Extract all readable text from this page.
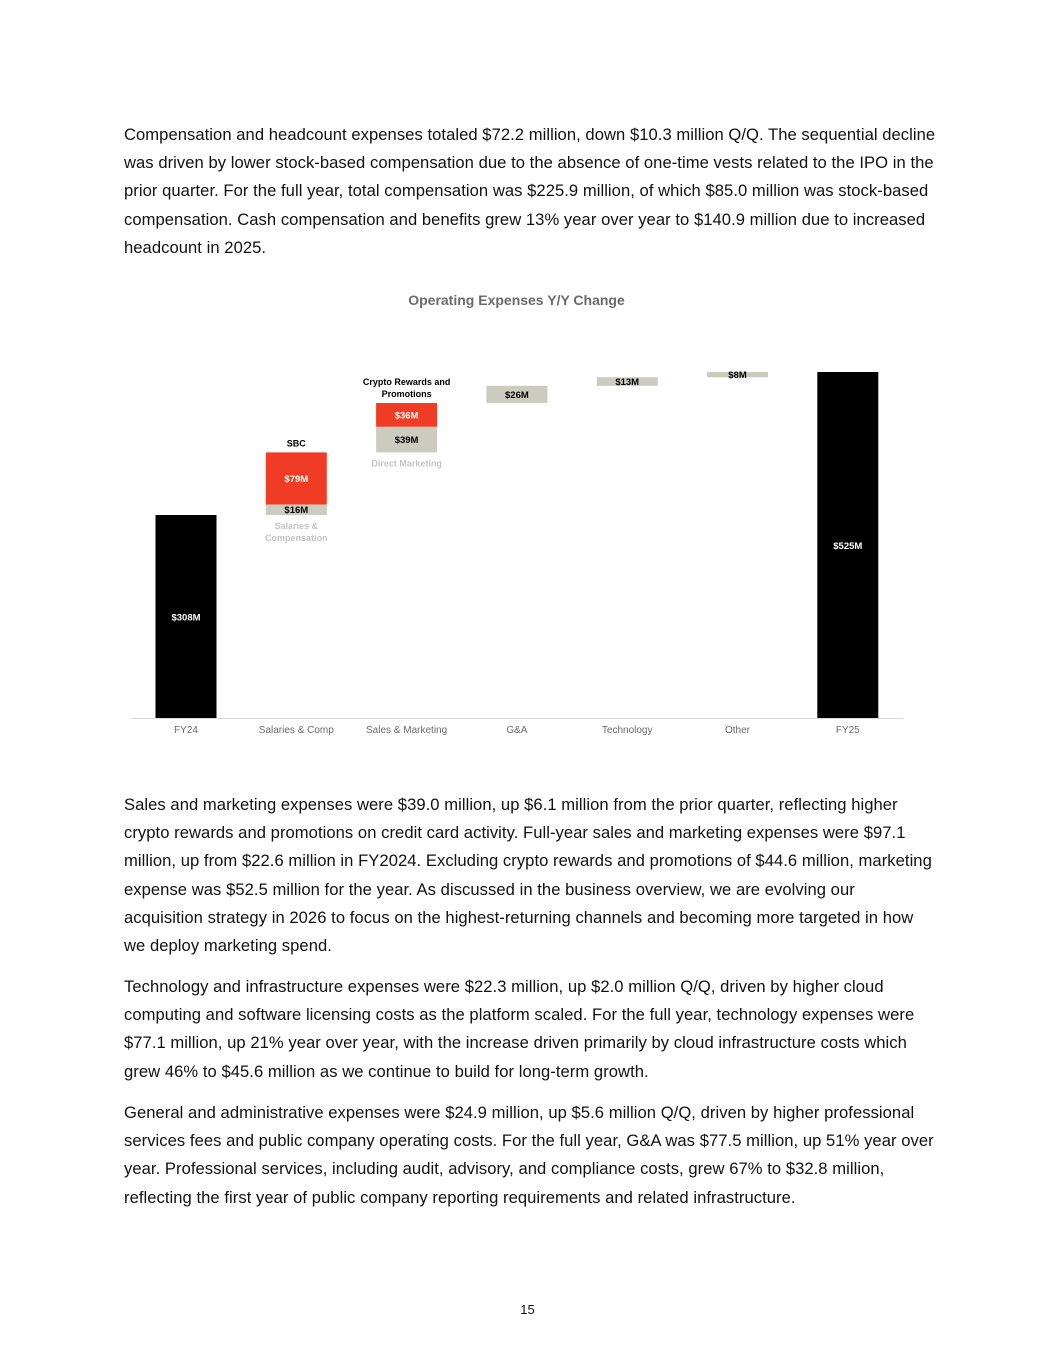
Compensation and headcount expenses totaled $72.2 million, down $10.3 million Q/Q. The sequential decline was driven by lower stock-based compensation due to the absence of one-time vests related to the IPO in the prior quarter. For the full year, total compensation was $225.9 million, of which $85.0 million was stock-based compensation. Cash compensation and benefits grew 13% year over year to $140.9 million due to increased headcount in 2025.

Operating Expenses Y/Y Change
$308M
FY24
$16M
$79M
SBC
Salaries &
Compensation
Salaries & Comp
$39M
$36M
Crypto Rewards and
Promotions
Direct Marketing
Sales & Marketing
$26M
G&A
$13M
Technology
$8M
Other
$525M
FY25

Sales and marketing expenses were $39.0 million, up $6.1 million from the prior quarter, reflecting higher crypto rewards and promotions on credit card activity. Full-year sales and marketing expenses were $97.1 million, up from $22.6 million in FY2024. Excluding crypto rewards and promotions of $44.6 million, marketing expense was $52.5 million for the year. As discussed in the business overview, we are evolving our acquisition strategy in 2026 to focus on the highest-returning channels and becoming more targeted in how we deploy marketing spend.

Technology and infrastructure expenses were $22.3 million, up $2.0 million Q/Q, driven by higher cloud computing and software licensing costs as the platform scaled. For the full year, technology expenses were $77.1 million, up 21% year over year, with the increase driven primarily by cloud infrastructure costs which grew 46% to $45.6 million as we continue to build for long-term growth.

General and administrative expenses were $24.9 million, up $5.6 million Q/Q, driven by higher professional services fees and public company operating costs. For the full year, G&A was $77.5 million, up 51% year over year. Professional services, including audit, advisory, and compliance costs, grew 67% to $32.8 million, reflecting the first year of public company reporting requirements and related infrastructure.

15
